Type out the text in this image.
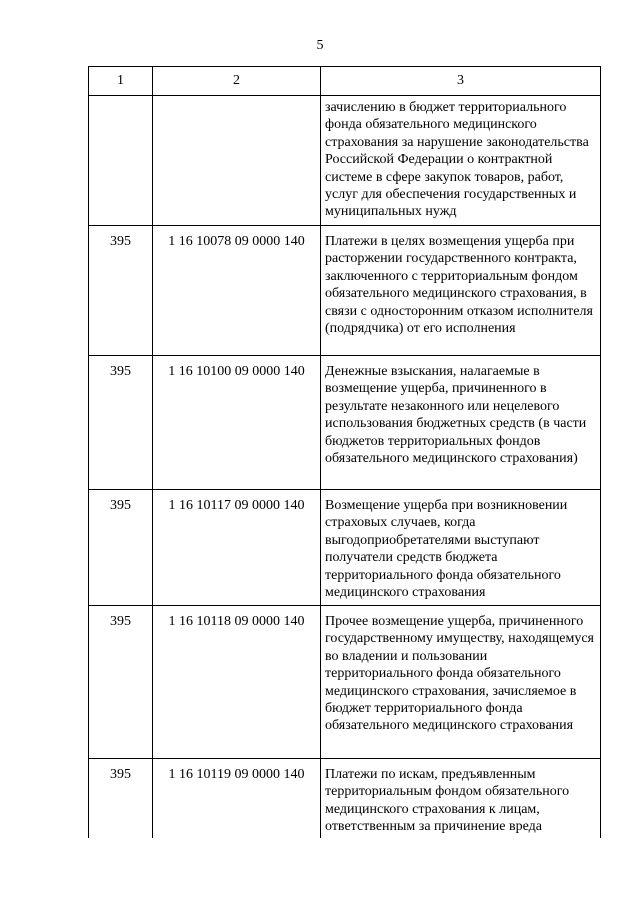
5
1	2	3
		зачислению в бюджет территориального фонда обязательного медицинского страхования за нарушение законодательства Российской Федерации о контрактной системе в сфере закупок товаров, работ, услуг для обеспечения государственных и муниципальных нужд
395	1 16 10078 09 0000 140	Платежи в целях возмещения ущерба при расторжении государственного контракта, заключенного с территориальным фондом обязательного медицинского страхования, в связи с односторонним отказом исполнителя (подрядчика) от его исполнения
395	1 16 10100 09 0000 140	Денежные взыскания, налагаемые в возмещение ущерба, причиненного в результате незаконного или нецелевого использования бюджетных средств (в части бюджетов территориальных фондов обязательного медицинского страхования)
395	1 16 10117 09 0000 140	Возмещение ущерба при возникновении страховых случаев, когда выгодоприобретателями выступают получатели средств бюджета территориального фонда обязательного медицинского страхования
395	1 16 10118 09 0000 140	Прочее возмещение ущерба, причиненного государственному имуществу, находящемуся во владении и пользовании территориального фонда обязательного медицинского страхования, зачисляемое в бюджет территориального фонда обязательного медицинского страхования
395	1 16 10119 09 0000 140	Платежи по искам, предъявленным территориальным фондом обязательного медицинского страхования к лицам, ответственным за причинение вреда
